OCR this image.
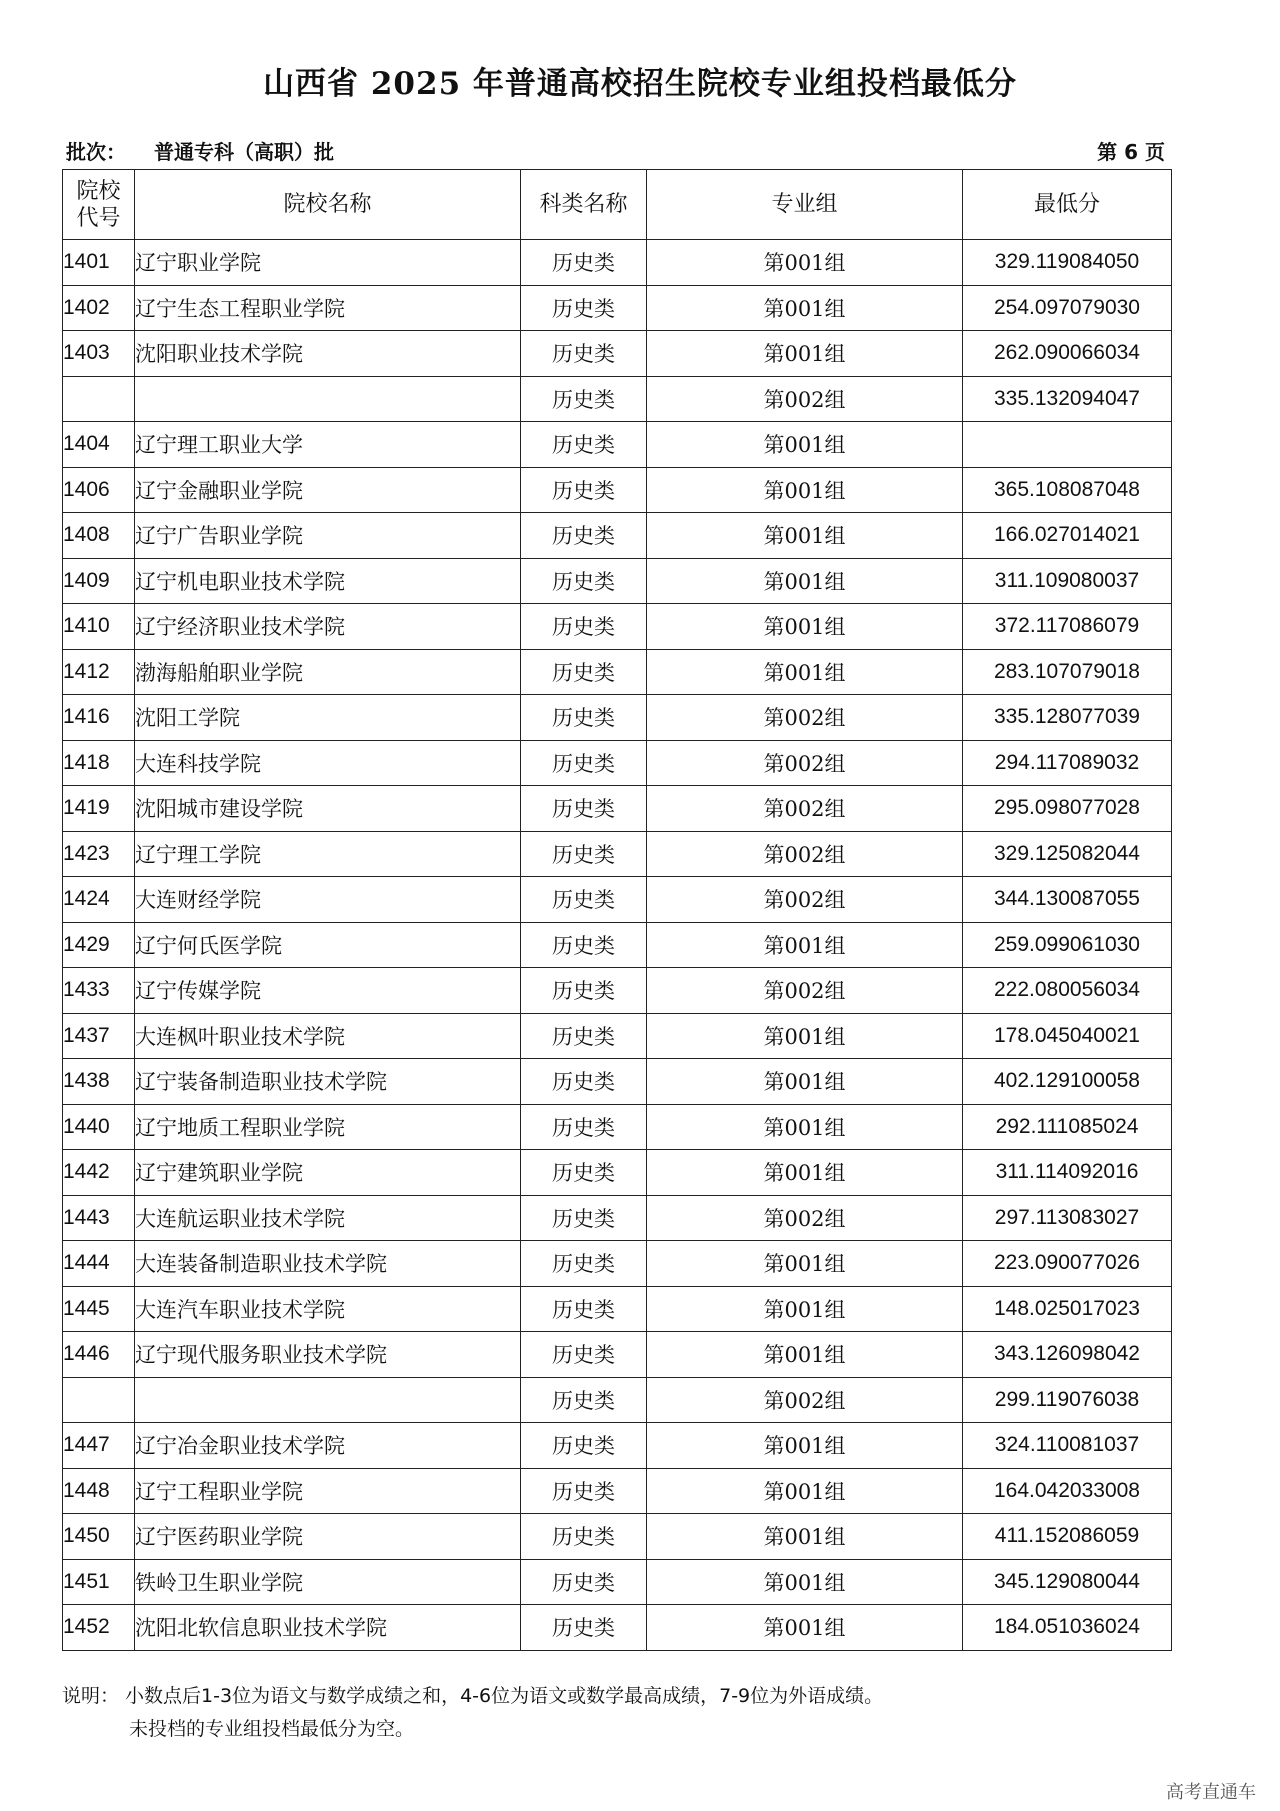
山西省 2025 年普通高校招生院校专业组投档最低分
批次： 普通专科（高职）批	第 6 页
院校
代号	院校名称	科类名称	专业组	最低分
1401	辽宁职业学院	历史类	第001组	329.119084050
1402	辽宁生态工程职业学院	历史类	第001组	254.097079030
1403	沈阳职业技术学院	历史类	第001组	262.090066034
		历史类	第002组	335.132094047
1404	辽宁理工职业大学	历史类	第001组	
1406	辽宁金融职业学院	历史类	第001组	365.108087048
1408	辽宁广告职业学院	历史类	第001组	166.027014021
1409	辽宁机电职业技术学院	历史类	第001组	311.109080037
1410	辽宁经济职业技术学院	历史类	第001组	372.117086079
1412	渤海船舶职业学院	历史类	第001组	283.107079018
1416	沈阳工学院	历史类	第002组	335.128077039
1418	大连科技学院	历史类	第002组	294.117089032
1419	沈阳城市建设学院	历史类	第002组	295.098077028
1423	辽宁理工学院	历史类	第002组	329.125082044
1424	大连财经学院	历史类	第002组	344.130087055
1429	辽宁何氏医学院	历史类	第001组	259.099061030
1433	辽宁传媒学院	历史类	第002组	222.080056034
1437	大连枫叶职业技术学院	历史类	第001组	178.045040021
1438	辽宁装备制造职业技术学院	历史类	第001组	402.129100058
1440	辽宁地质工程职业学院	历史类	第001组	292.111085024
1442	辽宁建筑职业学院	历史类	第001组	311.114092016
1443	大连航运职业技术学院	历史类	第002组	297.113083027
1444	大连装备制造职业技术学院	历史类	第001组	223.090077026
1445	大连汽车职业技术学院	历史类	第001组	148.025017023
1446	辽宁现代服务职业技术学院	历史类	第001组	343.126098042
		历史类	第002组	299.119076038
1447	辽宁冶金职业技术学院	历史类	第001组	324.110081037
1448	辽宁工程职业学院	历史类	第001组	164.042033008
1450	辽宁医药职业学院	历史类	第001组	411.152086059
1451	铁岭卫生职业学院	历史类	第001组	345.129080044
1452	沈阳北软信息职业技术学院	历史类	第001组	184.051036024
说明： 小数点后1-3位为语文与数学成绩之和，4-6位为语文或数学最高成绩，7-9位为外语成绩。
未投档的专业组投档最低分为空。
高考直通车
